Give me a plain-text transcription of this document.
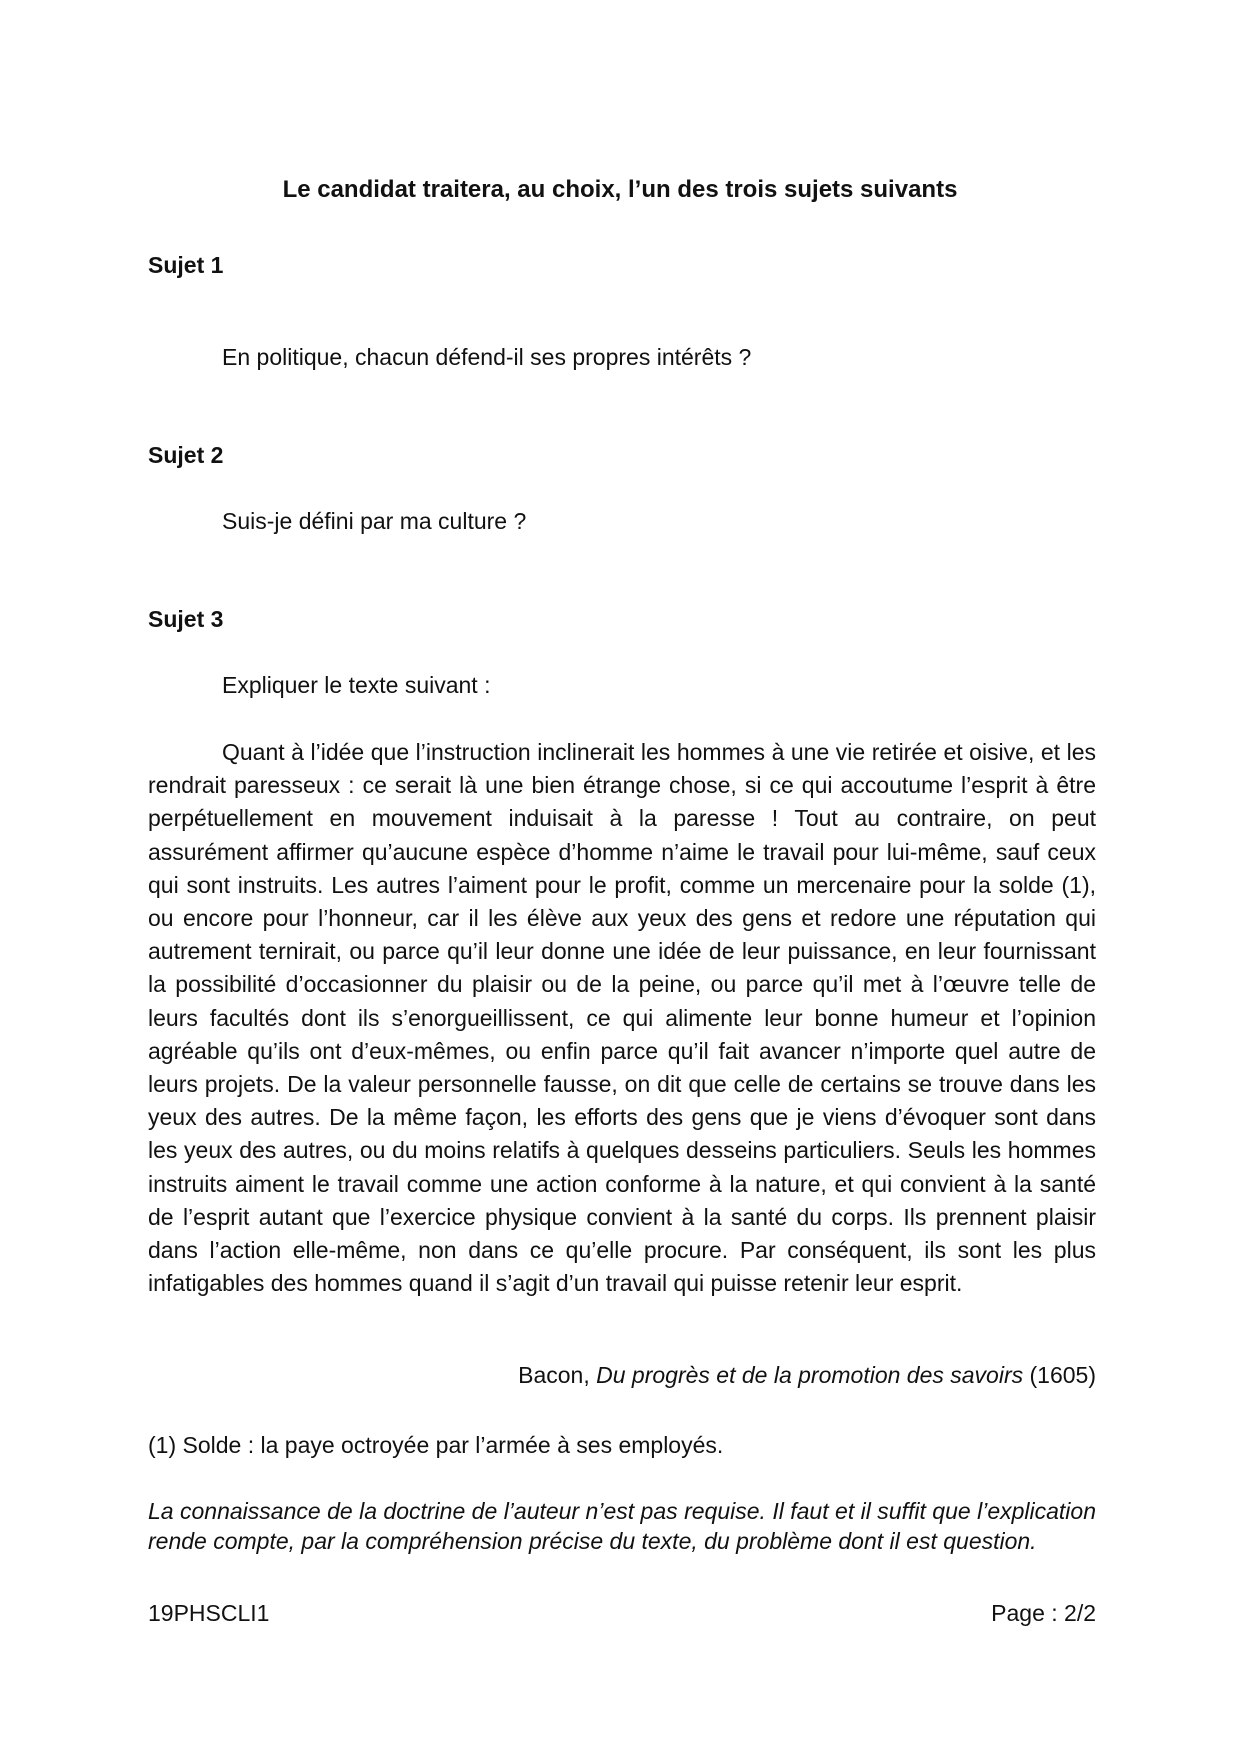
Le candidat traitera, au choix, l’un des trois sujets suivants

Sujet 1

En politique, chacun défend-il ses propres intérêts ?

Sujet 2

Suis-je défini par ma culture ?

Sujet 3

Expliquer le texte suivant :

Quant à l’idée que l’instruction inclinerait les hommes à une vie retirée et oisive, et les rendrait paresseux : ce serait là une bien étrange chose, si ce qui accoutume l’esprit à être perpétuellement en mouvement induisait à la paresse ! Tout au contraire, on peut assurément affirmer qu’aucune espèce d’homme n’aime le travail pour lui-même, sauf ceux qui sont instruits. Les autres l’aiment pour le profit, comme un mercenaire pour la solde (1), ou encore pour l’honneur, car il les élève aux yeux des gens et redore une réputation qui autrement ternirait, ou parce qu’il leur donne une idée de leur puissance, en leur fournissant la possibilité d’occasionner du plaisir ou de la peine, ou parce qu’il met à l’œuvre telle de leurs facultés dont ils s’enorgueillissent, ce qui alimente leur bonne humeur et l’opinion agréable qu’ils ont d’eux-mêmes, ou enfin parce qu’il fait avancer n’importe quel autre de leurs projets. De la valeur personnelle fausse, on dit que celle de certains se trouve dans les yeux des autres. De la même façon, les efforts des gens que je viens d’évoquer sont dans les yeux des autres, ou du moins relatifs à quelques desseins particuliers. Seuls les hommes instruits aiment le travail comme une action conforme à la nature, et qui convient à la santé de l’esprit autant que l’exercice physique convient à la santé du corps. Ils prennent plaisir dans l’action elle-même, non dans ce qu’elle procure. Par conséquent, ils sont les plus infatigables des hommes quand il s’agit d’un travail qui puisse retenir leur esprit.

Bacon, Du progrès et de la promotion des savoirs (1605)

(1) Solde : la paye octroyée par l’armée à ses employés.

La connaissance de la doctrine de l’auteur n’est pas requise. Il faut et il suffit que l’explication rende compte, par la compréhension précise du texte, du problème dont il est question.

19PHSCLI1	Page : 2/2
